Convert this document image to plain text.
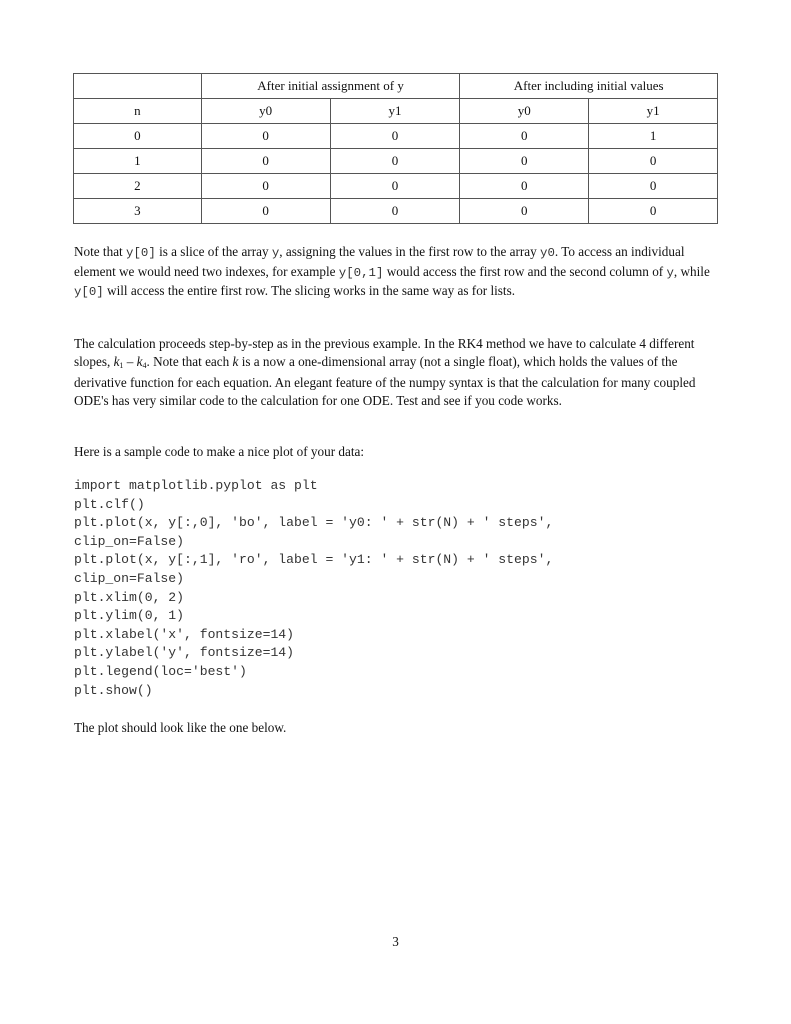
	After initial assignment of y		After including initial values	
n	y0	y1	y0	y1
0	0	0	0	1
1	0	0	0	0
2	0	0	0	0
3	0	0	0	0

Note that y[0] is a slice of the array y, assigning the values in the first row to the array y0. To access an individual element we would need two indexes, for example y[0,1] would access the first row and the second column of y, while y[0] will access the entire first row. The slicing works in the same way as for lists.

The calculation proceeds step-by-step as in the previous example. In the RK4 method we have to calculate 4 different slopes, $k_1 - k_4$. Note that each k is a now a one-dimensional array (not a single float), which holds the values of the derivative function for each equation. An elegant feature of the numpy syntax is that the calculation for many coupled ODE's has very similar code to the calculation for one ODE. Test and see if you code works.

Here is a sample code to make a nice plot of your data:

import matplotlib.pyplot as plt
plt.clf()
plt.plot(x, y[:,0], 'bo', label = 'y0: ' + str(N) + ' steps',
clip_on=False)
plt.plot(x, y[:,1], 'ro', label = 'y1: ' + str(N) + ' steps',
clip_on=False)
plt.xlim(0, 2)
plt.ylim(0, 1)
plt.xlabel('x', fontsize=14)
plt.ylabel('y', fontsize=14)
plt.legend(loc='best')
plt.show()

The plot should look like the one below.

3
